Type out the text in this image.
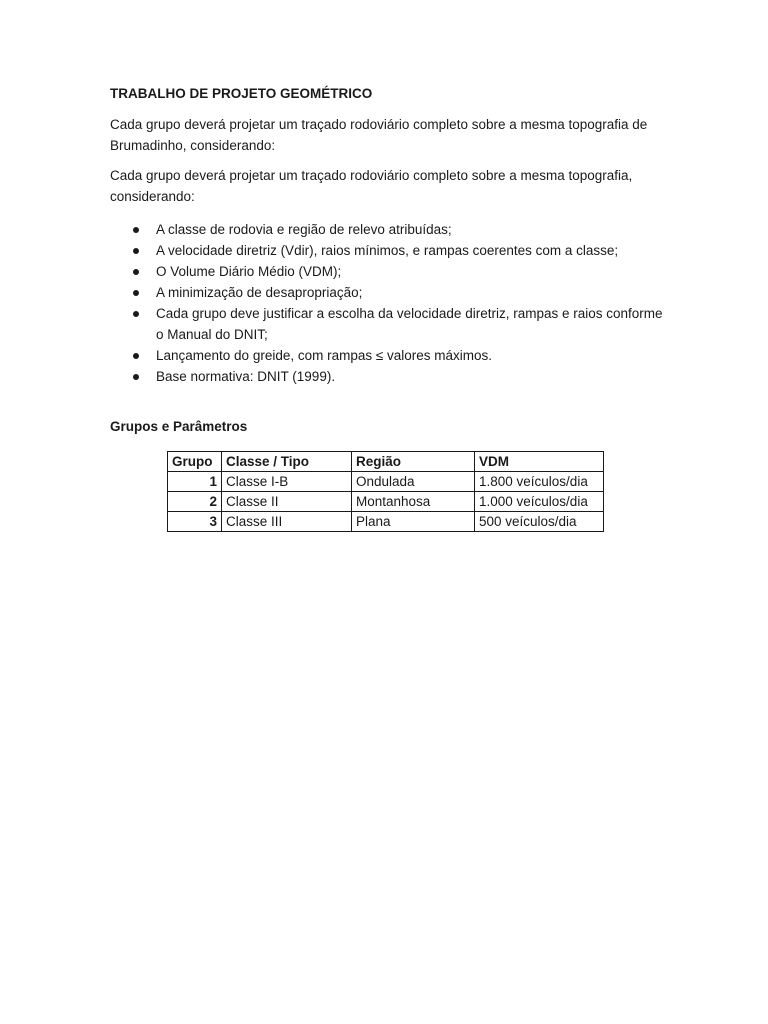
TRABALHO DE PROJETO GEOMÉTRICO

Cada grupo deverá projetar um traçado rodoviário completo sobre a mesma topografia de Brumadinho, considerando:

Cada grupo deverá projetar um traçado rodoviário completo sobre a mesma topografia, considerando:

A classe de rodovia e região de relevo atribuídas;
A velocidade diretriz (Vdir), raios mínimos, e rampas coerentes com a classe;
O Volume Diário Médio (VDM);
A minimização de desapropriação;
Cada grupo deve justificar a escolha da velocidade diretriz, rampas e raios conforme o Manual do DNIT;
Lançamento do greide, com rampas ≤ valores máximos.
Base normativa: DNIT (1999).

Grupos e Parâmetros

Grupo	Classe / Tipo	Região	VDM
1	Classe I-B	Ondulada	1.800 veículos/dia
2	Classe II	Montanhosa	1.000 veículos/dia
3	Classe III	Plana	500 veículos/dia
